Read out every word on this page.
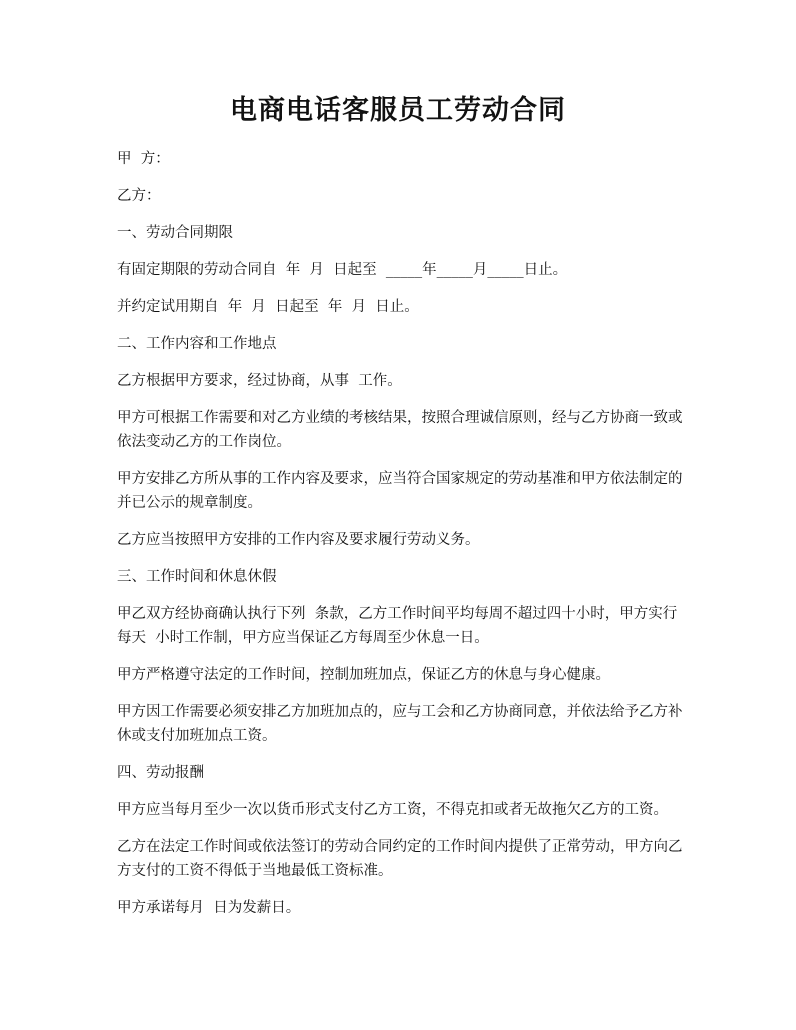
电商电话客服员工劳动合同

甲  方：

乙方：

一、劳动合同期限

有固定期限的劳动合同自  年  月  日起至  _____年_____月_____日止。

并约定试用期自  年  月  日起至  年  月  日止。

二、工作内容和工作地点

乙方根据甲方要求，经过协商，从事  工作。

甲方可根据工作需要和对乙方业绩的考核结果，按照合理诚信原则，经与乙方协商一致或依法变动乙方的工作岗位。

甲方安排乙方所从事的工作内容及要求，应当符合国家规定的劳动基准和甲方依法制定的并已公示的规章制度。

乙方应当按照甲方安排的工作内容及要求履行劳动义务。

三、工作时间和休息休假

甲乙双方经协商确认执行下列  条款，乙方工作时间平均每周不超过四十小时，甲方实行每天  小时工作制，甲方应当保证乙方每周至少休息一日。

甲方严格遵守法定的工作时间，控制加班加点，保证乙方的休息与身心健康。

甲方因工作需要必须安排乙方加班加点的，应与工会和乙方协商同意，并依法给予乙方补休或支付加班加点工资。

四、劳动报酬

甲方应当每月至少一次以货币形式支付乙方工资，不得克扣或者无故拖欠乙方的工资。

乙方在法定工作时间或依法签订的劳动合同约定的工作时间内提供了正常劳动，甲方向乙方支付的工资不得低于当地最低工资标准。

甲方承诺每月  日为发薪日。
